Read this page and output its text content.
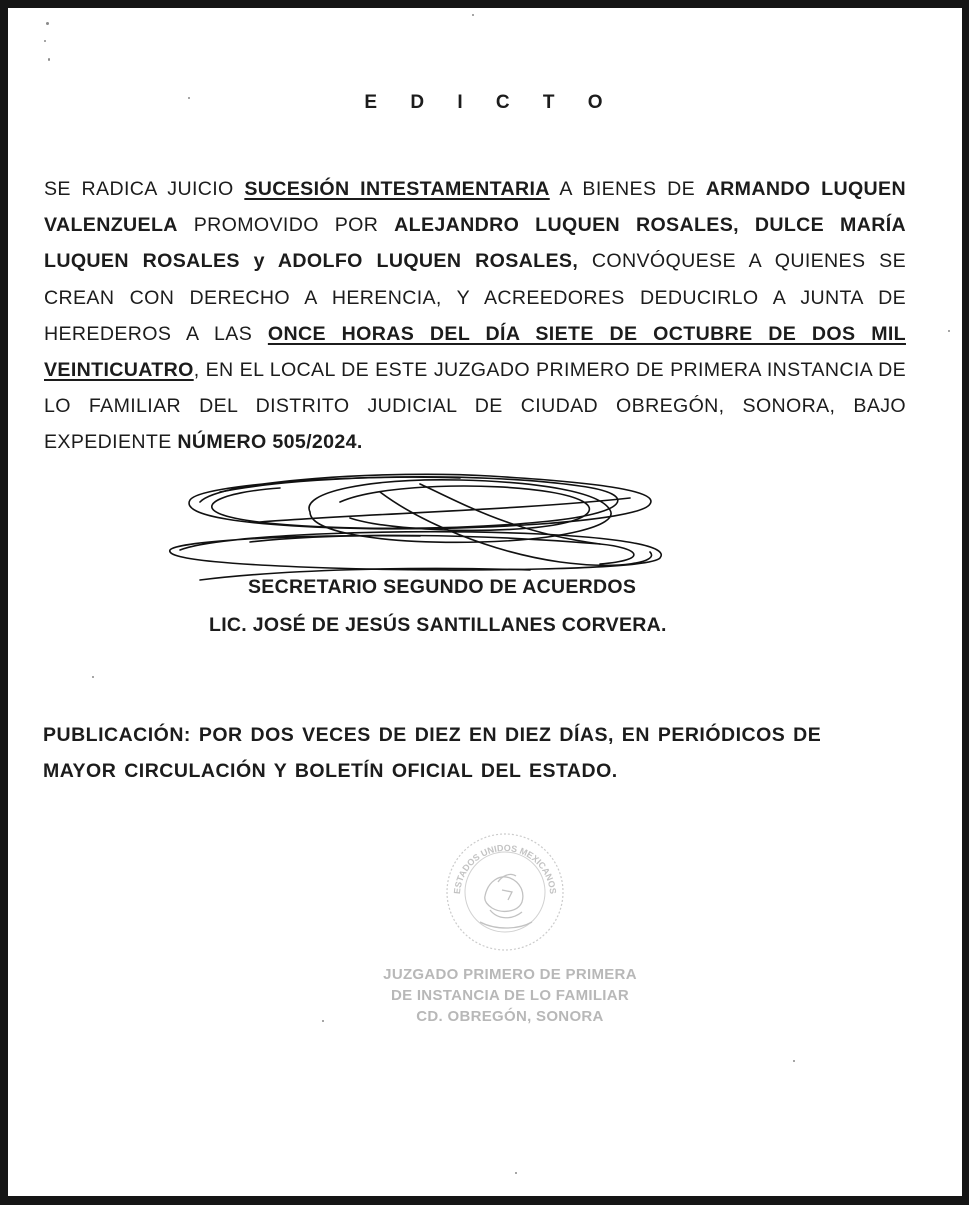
E D I C T O
SE RADICA JUICIO SUCESIÓN INTESTAMENTARIA A BIENES DE ARMANDO LUQUEN VALENZUELA PROMOVIDO POR ALEJANDRO LUQUEN ROSALES, DULCE MARÍA LUQUEN ROSALES y ADOLFO LUQUEN ROSALES, CONVÓQUESE A QUIENES SE CREAN CON DERECHO A HERENCIA, Y ACREEDORES DEDUCIRLO A JUNTA DE HEREDEROS A LAS ONCE HORAS DEL DÍA SIETE DE OCTUBRE DE DOS MIL VEINTICUATRO, EN EL LOCAL DE ESTE JUZGADO PRIMERO DE PRIMERA INSTANCIA DE LO FAMILIAR DEL DISTRITO JUDICIAL DE CIUDAD OBREGÓN, SONORA, BAJO EXPEDIENTE NÚMERO 505/2024.
SECRETARIO SEGUNDO DE ACUERDOS
LIC. JOSÉ DE JESÚS SANTILLANES CORVERA.
PUBLICACIÓN: POR DOS VECES DE DIEZ EN DIEZ DÍAS, EN PERIÓDICOS DE MAYOR CIRCULACIÓN Y BOLETÍN OFICIAL DEL ESTADO.
ESTADOS UNIDOS MEXICANOS
JUZGADO PRIMERO DE PRIMERA
DE INSTANCIA DE LO FAMILIAR
CD. OBREGÓN, SONORA
